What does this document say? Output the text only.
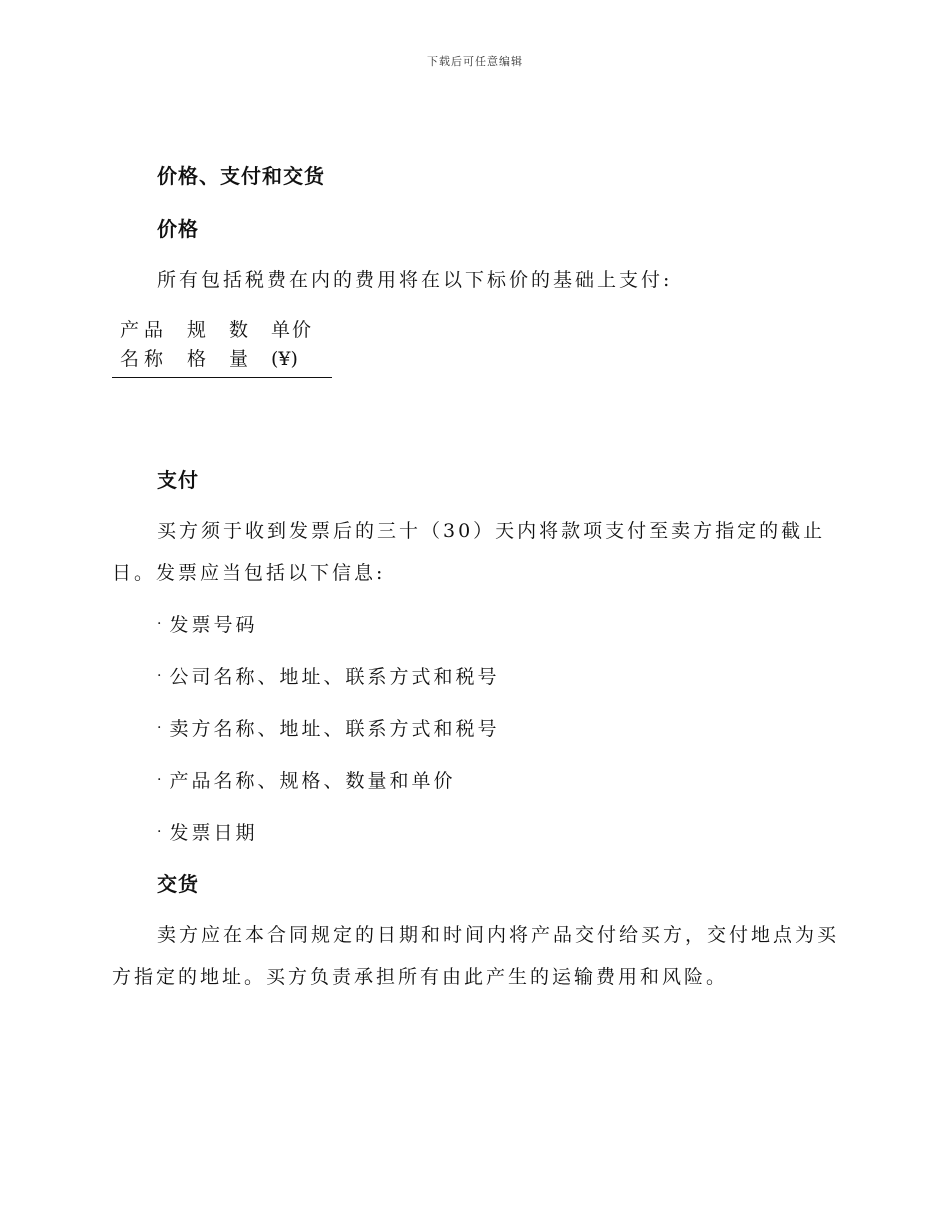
下载后可任意编辑
价格、支付和交货
价格
所有包括税费在内的费用将在以下标价的基础上支付:
产品
名称
规
格
数
量
单价
(¥)
支付
买方须于收到发票后的三十（30）天内将款项支付至卖方指定的截止
日。发票应当包括以下信息:
· 发票号码
· 公司名称、地址、联系方式和税号
· 卖方名称、地址、联系方式和税号
· 产品名称、规格、数量和单价
· 发票日期
交货
卖方应在本合同规定的日期和时间内将产品交付给买方，交付地点为买
方指定的地址。买方负责承担所有由此产生的运输费用和风险。
